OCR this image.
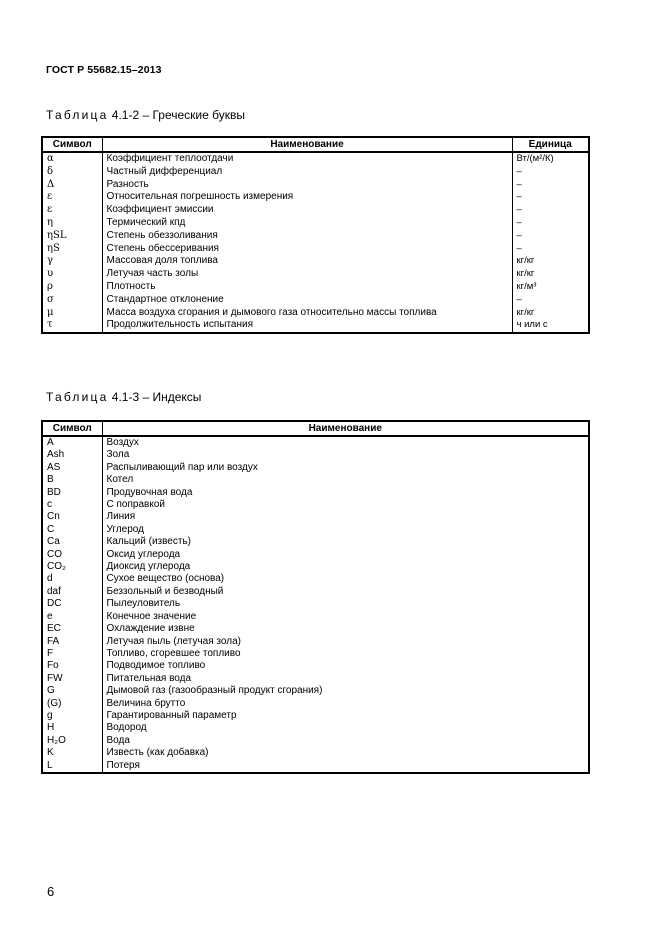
ГОСТ Р 55682.15–2013
Таблица 4.1-2 – Греческие буквы
Символ	Наименование	Единица
α	Коэффициент теплоотдачи	Вт/(м²/К)
δ	Частный дифференциал	–
Δ	Разность	–
ε	Относительная погрешность измерения	–
ε	Коэффициент эмиссии	–
η	Термический кпд	–
ηSL	Степень обеззоливания	–
ηS	Степень обессеривания	–
γ	Массовая доля топлива	кг/кг
υ	Летучая часть золы	кг/кг
ρ	Плотность	кг/м³
σ	Стандартное отклонение	–
μ	Масса воздуха сгорания и дымового газа относительно массы топлива	кг/кг
τ	Продолжительность испытания	ч или с
Таблица 4.1-3 – Индексы
Символ	Наименование
A	Воздух
Ash	Зола
AS	Распыливающий пар или воздух
B	Котел
BD	Продувочная вода
c	С поправкой
Cn	Линия
C	Углерод
Ca	Кальций (известь)
CO	Оксид углерода
CO₂	Диоксид углерода
d	Сухое вещество (основа)
daf	Беззольный и безводный
DC	Пылеуловитель
e	Конечное значение
EC	Охлаждение извне
FA	Летучая пыль (летучая зола)
F	Топливо, сгоревшее топливо
Fo	Подводимое топливо
FW	Питательная вода
G	Дымовой газ (газообразный продукт сгорания)
(G)	Величина брутто
g	Гарантированный параметр
H	Водород
H₂O	Вода
K	Известь (как добавка)
L	Потеря
6
